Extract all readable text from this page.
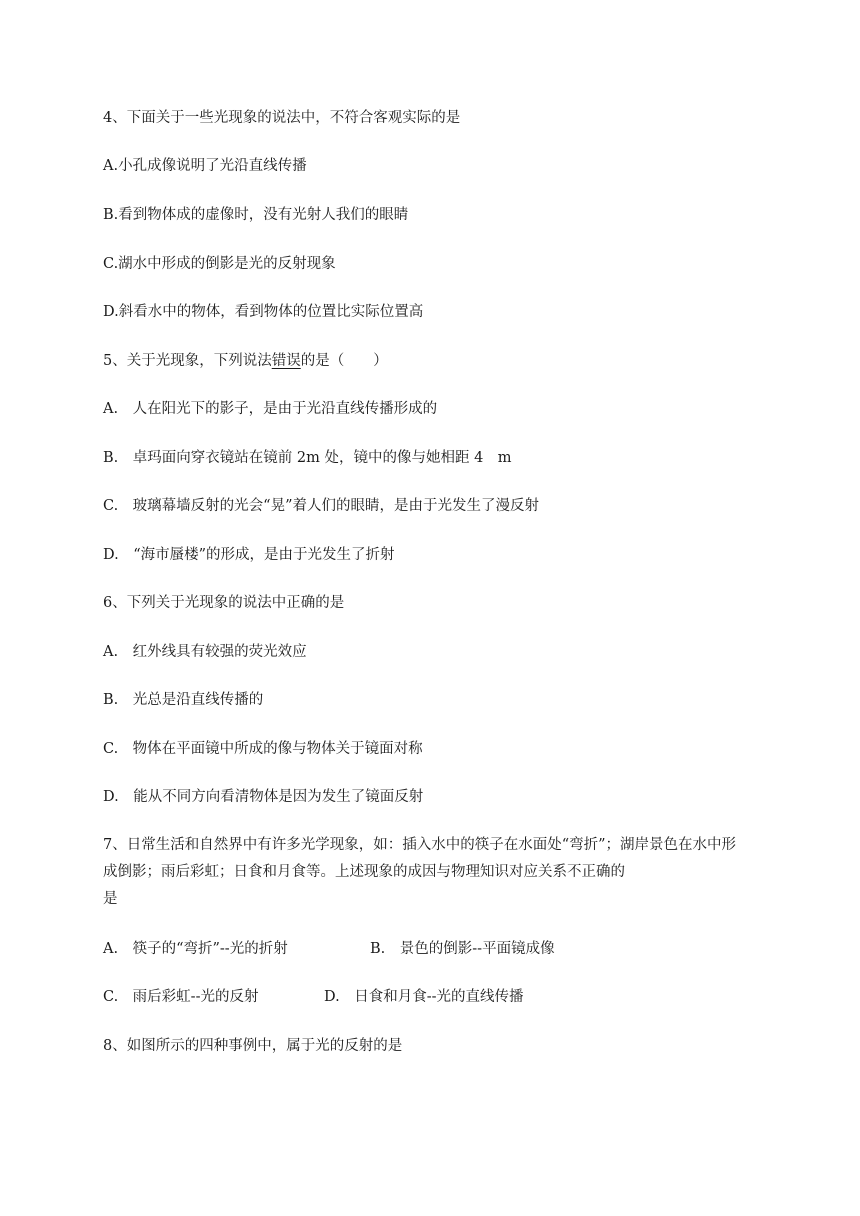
4、下面关于一些光现象的说法中，不符合客观实际的是
A.小孔成像说明了光沿直线传播
B.看到物体成的虚像时，没有光射人我们的眼睛
C.湖水中形成的倒影是光的反射现象
D.斜看水中的物体，看到物体的位置比实际位置高
5、关于光现象，下列说法错误的是（　　）
A.　人在阳光下的影子，是由于光沿直线传播形成的
B.　卓玛面向穿衣镜站在镜前 2m 处，镜中的像与她相距 4　m
C.　玻璃幕墙反射的光会“晃”着人们的眼睛，是由于光发生了漫反射
D.　“海市蜃楼”的形成，是由于光发生了折射
6、下列关于光现象的说法中正确的是
A.　红外线具有较强的荧光效应
B.　光总是沿直线传播的
C.　物体在平面镜中所成的像与物体关于镜面对称
D.　能从不同方向看清物体是因为发生了镜面反射
7、日常生活和自然界中有许多光学现象，如：插入水中的筷子在水面处“弯折”；湖岸景色在水中形
成倒影；雨后彩虹；日食和月食等。上述现象的成因与物理知识对应关系不正确的
是
A.　筷子的“弯折”--光的折射	B.　景色的倒影--平面镜成像
C.　雨后彩虹--光的反射	D.　日食和月食--光的直线传播
8、如图所示的四种事例中，属于光的反射的是
